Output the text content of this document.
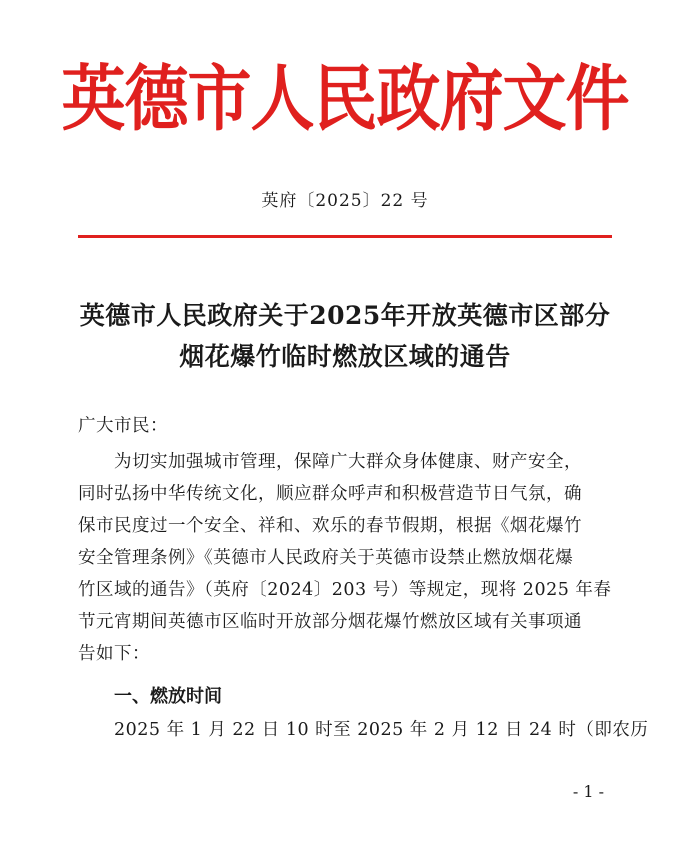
英德市人民政府文件
英府〔2025〕22 号
英德市人民政府关于2025年开放英德市区部分
烟花爆竹临时燃放区域的通告
广大市民：
为切实加强城市管理，保障广大群众身体健康、财产安全，
同时弘扬中华传统文化，顺应群众呼声和积极营造节日气氛，确
保市民度过一个安全、祥和、欢乐的春节假期，根据《烟花爆竹
安全管理条例》《英德市人民政府关于英德市设禁止燃放烟花爆
竹区域的通告》（英府〔2024〕203 号）等规定，现将 2025 年春
节元宵期间英德市区临时开放部分烟花爆竹燃放区域有关事项通
告如下：
一、燃放时间
2025 年 1 月 22 日 10 时至 2025 年 2 月 12 日 24 时（即农历
- 1 -
